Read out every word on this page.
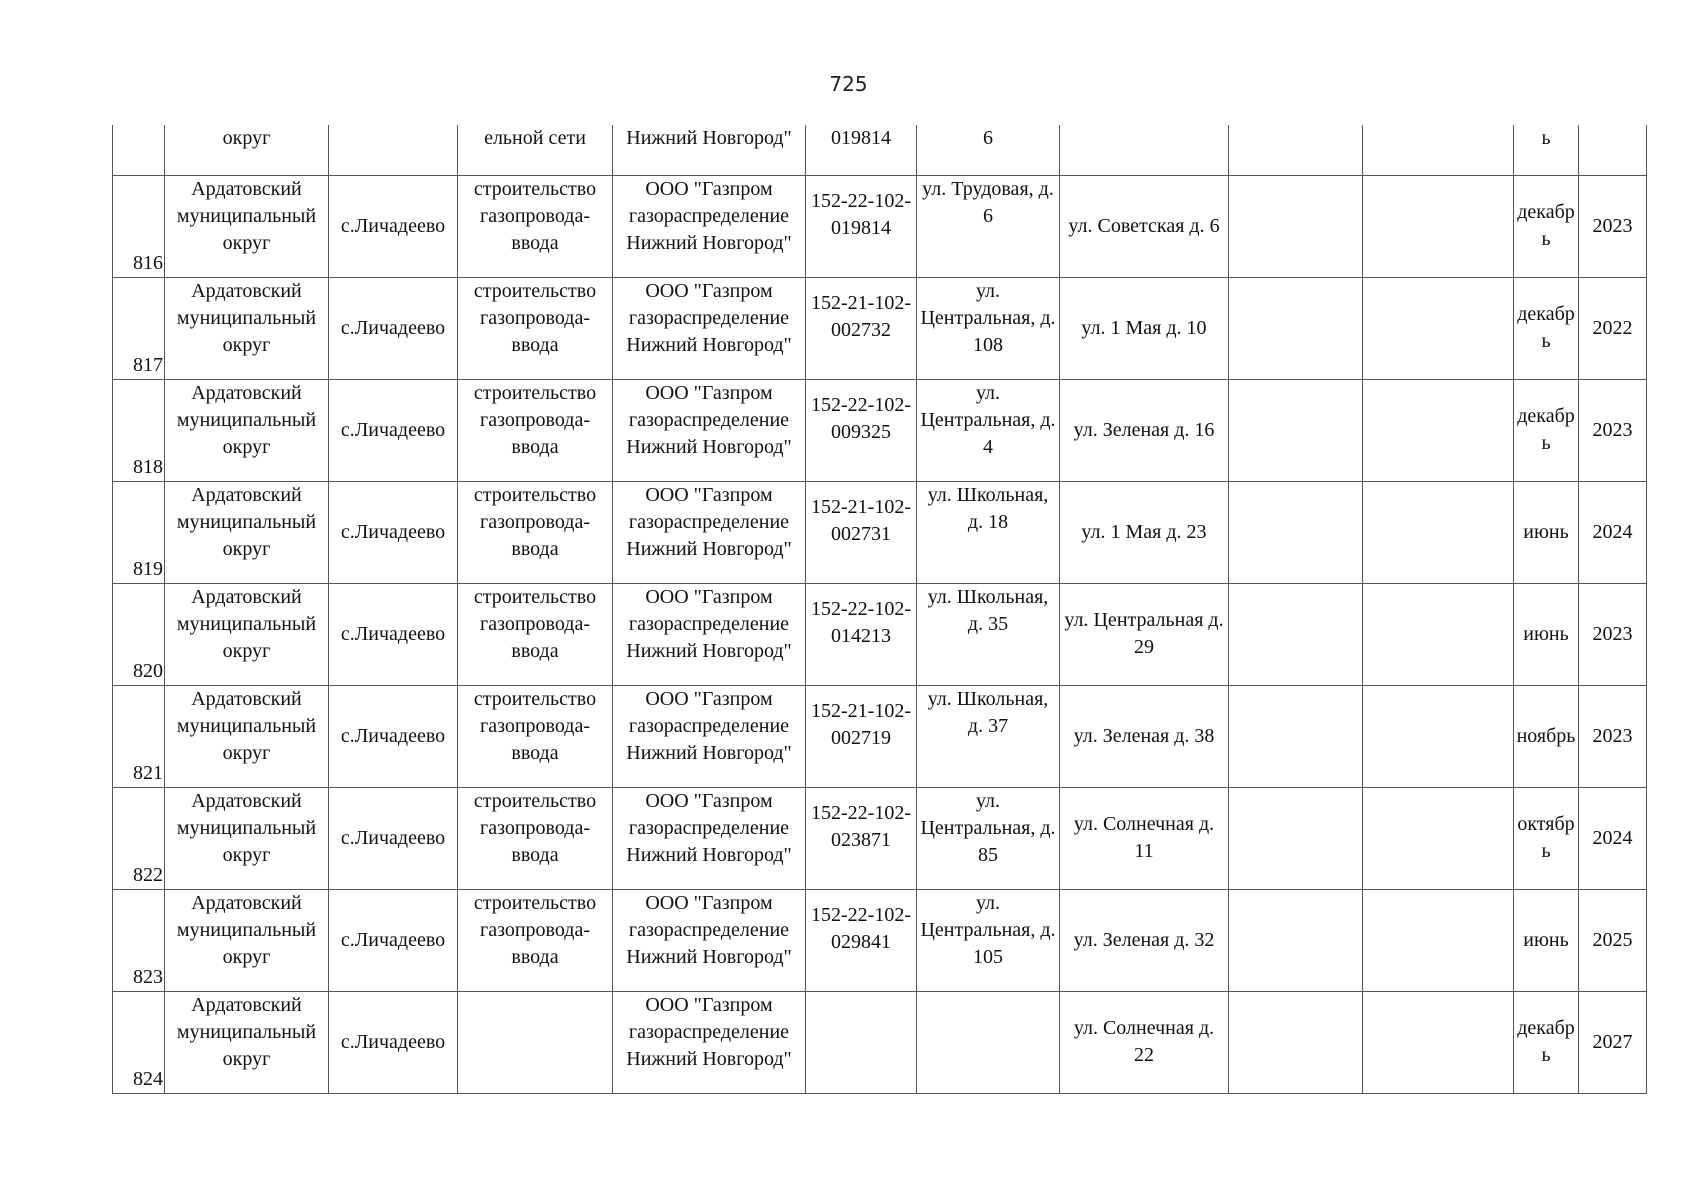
725
	округ		ельной сети	Нижний Новгород"	019814	6				ь	
816	Ардатовский
муниципальный
округ	с.Личадеево	строительство
газопровода-
ввода	ООО "Газпром
газораспределение
Нижний Новгород"	152-22-102-
019814	ул. Трудовая, д.
6	ул. Советская д. 6			декабр
ь	2023
817	Ардатовский
муниципальный
округ	с.Личадеево	строительство
газопровода-
ввода	ООО "Газпром
газораспределение
Нижний Новгород"	152-21-102-
002732	ул.
Центральная, д.
108	ул. 1 Мая д. 10			декабр
ь	2022
818	Ардатовский
муниципальный
округ	с.Личадеево	строительство
газопровода-
ввода	ООО "Газпром
газораспределение
Нижний Новгород"	152-22-102-
009325	ул.
Центральная, д.
4	ул. Зеленая д. 16			декабр
ь	2023
819	Ардатовский
муниципальный
округ	с.Личадеево	строительство
газопровода-
ввода	ООО "Газпром
газораспределение
Нижний Новгород"	152-21-102-
002731	ул. Школьная,
д. 18	ул. 1 Мая д. 23			июнь	2024
820	Ардатовский
муниципальный
округ	с.Личадеево	строительство
газопровода-
ввода	ООО "Газпром
газораспределение
Нижний Новгород"	152-22-102-
014213	ул. Школьная,
д. 35	ул. Центральная д.
29			июнь	2023
821	Ардатовский
муниципальный
округ	с.Личадеево	строительство
газопровода-
ввода	ООО "Газпром
газораспределение
Нижний Новгород"	152-21-102-
002719	ул. Школьная,
д. 37	ул. Зеленая д. 38			ноябрь	2023
822	Ардатовский
муниципальный
округ	с.Личадеево	строительство
газопровода-
ввода	ООО "Газпром
газораспределение
Нижний Новгород"	152-22-102-
023871	ул.
Центральная, д.
85	ул. Солнечная д.
11			октябр
ь	2024
823	Ардатовский
муниципальный
округ	с.Личадеево	строительство
газопровода-
ввода	ООО "Газпром
газораспределение
Нижний Новгород"	152-22-102-
029841	ул.
Центральная, д.
105	ул. Зеленая д. 32			июнь	2025
824	Ардатовский
муниципальный
округ	с.Личадеево		ООО "Газпром
газораспределение
Нижний Новгород"			ул. Солнечная д.
22			декабр
ь	2027
